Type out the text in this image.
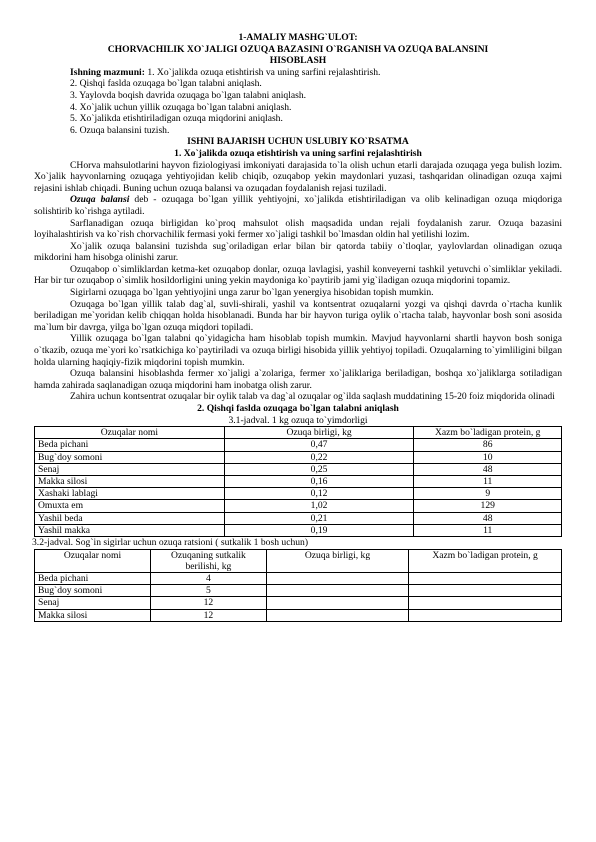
1-AMALIY MASHG`ULOT:

CHORVACHILIK XO`JALIGI OZUQA BAZASINI O`RGANISH VA OZUQA BALANSINI

HISOBLASH

Ishning mazmuni: 1. Xo`jalikda ozuqa etishtirish va uning sarfini rejalashtirish.

2. Qishqi faslda ozuqaga bo`lgan talabni aniqlash.

3. Yaylovda boqish davrida ozuqaga bo`lgan talabni aniqlash.

4. Xo`jalik uchun yillik ozuqaga bo`lgan talabni aniqlash.

5. Xo`jalikda etishtiriladigan ozuqa miqdorini aniqlash.

6. Ozuqa balansini tuzish.

ISHNI BAJARISH UCHUN USLUBIY KO`RSATMA

1. Xo`jalikda ozuqa etishtirish va uning sarfini rejalashtirish

CHorva mahsulotlarini hayvon fiziologiyasi imkoniyati darajasida to`la olish uchun etarli darajada ozuqaga yega bulish lozim. Xo`jalik hayvonlarning ozuqaga yehtiyojidan kelib chiqib, ozuqabop yekin maydonlari yuzasi, tashqaridan olinadigan ozuqa xajmi rejasini ishlab chiqadi. Buning uchun ozuqa balansi va ozuqadan foydalanish rejasi tuziladi.

Ozuqa balansi deb - ozuqaga bo`lgan yillik yehtiyojni, xo`jalikda etishtiriladigan va olib kelinadigan ozuqa miqdoriga solishtirib ko`rishga aytiladi.

Sarflanadigan ozuqa birligidan ko`proq mahsulot olish maqsadida undan rejali foydalanish zarur. Ozuqa bazasini loyihalashtirish va ko`rish chorvachilik fermasi yoki fermer xo`jaligi tashkil bo`lmasdan oldin hal yetilishi lozim.

Xo`jalik ozuqa balansini tuzishda sug`oriladigan erlar bilan bir qatorda tabiiy o`tloqlar, yaylovlardan olinadigan ozuqa mikdorini ham hisobga olinishi zarur.

Ozuqabop o`simliklardan ketma-ket ozuqabop donlar, ozuqa lavlagisi, yashil konveyerni tashkil yetuvchi o`simliklar yekiladi. Har bir tur ozuqabop o`simlik hosildorligini uning yekin maydoniga ko`paytirib jami yig`iladigan ozuqa miqdorini topamiz.

Sigirlarni ozuqaga bo`lgan yehtiyojini unga zarur bo`lgan yenergiya hisobidan topish mumkin.

Ozuqaga bo`lgan yillik talab dag`al, suvli-shirali, yashil va kontsentrat ozuqalarni yozgi va qishqi davrda o`rtacha kunlik beriladigan me`yoridan kelib chiqqan holda hisoblanadi. Bunda har bir hayvon turiga oylik o`rtacha talab, hayvonlar bosh soni asosida ma`lum bir davrga, yilga bo`lgan ozuqa miqdori topiladi.

Yillik ozuqaga bo`lgan talabni qo`yidagicha ham hisoblab topish mumkin. Mavjud hayvonlarni shartli hayvon bosh soniga o`tkazib, ozuqa me`yori ko`rsatkichiga ko`paytiriladi va ozuqa birligi hisobida yillik yehtiyoj topiladi. Ozuqalarning to`yimliligini bilgan holda ularning haqiqiy-fizik miqdorini topish mumkin.

Ozuqa balansini hisoblashda fermer xo`jaligi a`zolariga, fermer xo`jaliklariga beriladigan, boshqa xo`jaliklarga sotiladigan hamda zahirada saqlanadigan ozuqa miqdorini ham inobatga olish zarur.

Zahira uchun kontsentrat ozuqalar bir oylik talab va dag`al ozuqalar og`ilda saqlash muddatining 15-20 foiz miqdorida olinadi

2. Qishqi faslda ozuqaga bo`lgan talabni aniqlash

3.1-jadval. 1 kg ozuqa to`yimdorligi

Ozuqalar nomi	Ozuqa birligi, kg	Xazm bo`ladigan protein, g
Beda pichani	0,47	86
Bug`doy somoni	0,22	10
Senaj	0,25	48
Makka silosi	0,16	11
Xashaki lablagi	0,12	9
Omuxta em	1,02	129
Yashil beda	0,21	48
Yashil makka	0,19	11

3.2-jadval. Sog`in sigirlar uchun ozuqa ratsioni ( sutkalik 1 bosh uchun)

Ozuqalar nomi	Ozuqaning sutkalik berilishi, kg	Ozuqa birligi, kg	Xazm bo`ladigan protein, g
Beda pichani	4		
Bug`doy somoni	5		
Senaj	12		
Makka silosi	12		
